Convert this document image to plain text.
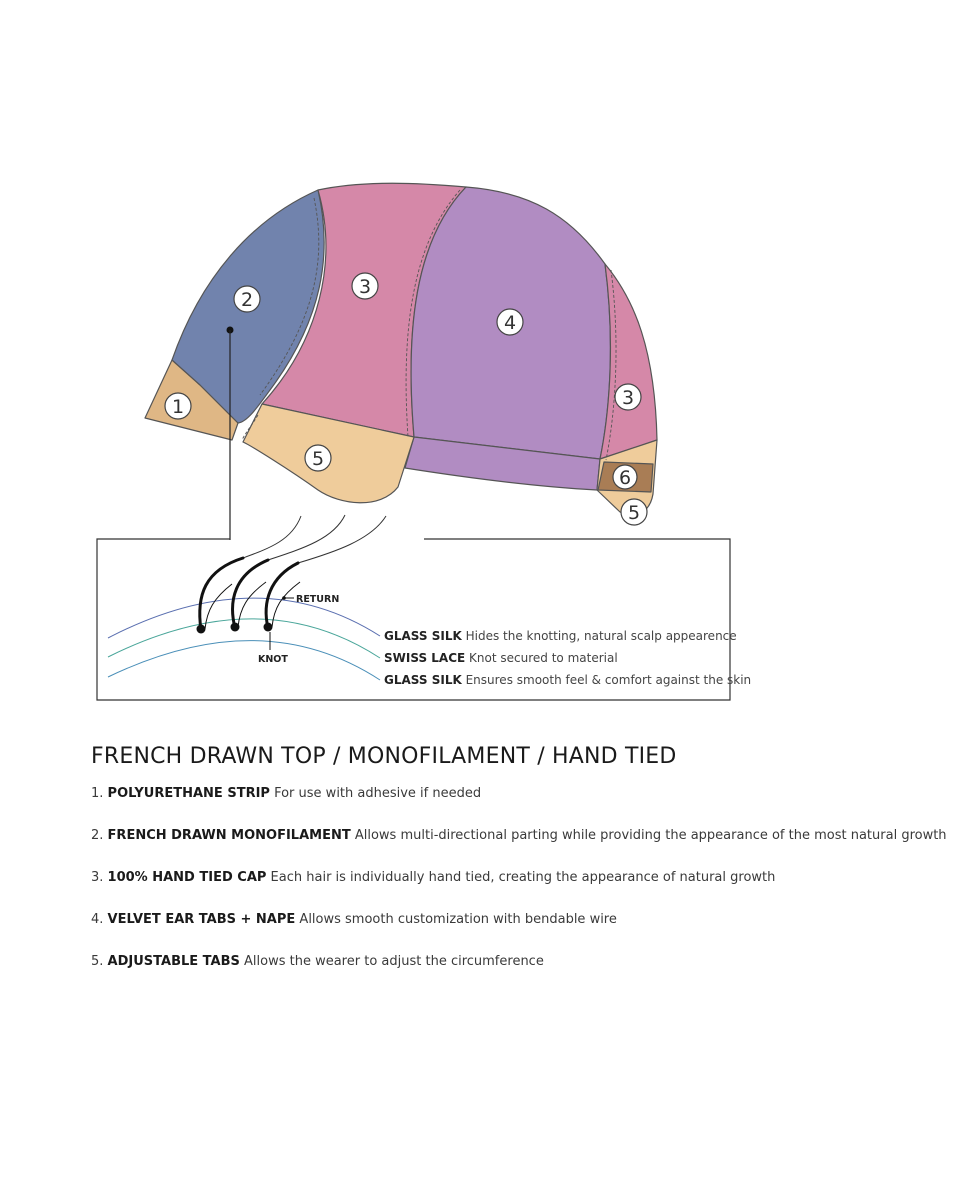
1
2
3
4
3
5
6
5
RETURN
KNOT
GLASS SILK Hides the knotting, natural scalp appearence
SWISS LACE Knot secured to material
GLASS SILK Ensures smooth feel & comfort against the skin
FRENCH DRAWN TOP / MONOFILAMENT / HAND TIED
1. POLYURETHANE STRIP For use with adhesive if needed
2. FRENCH DRAWN MONOFILAMENT Allows multi-directional parting while providing the appearance of the most natural growth
3. 100% HAND TIED CAP Each hair is individually hand tied, creating the appearance of natural growth
4. VELVET EAR TABS + NAPE Allows smooth customization with bendable wire
5. ADJUSTABLE TABS Allows the wearer to adjust the circumference
